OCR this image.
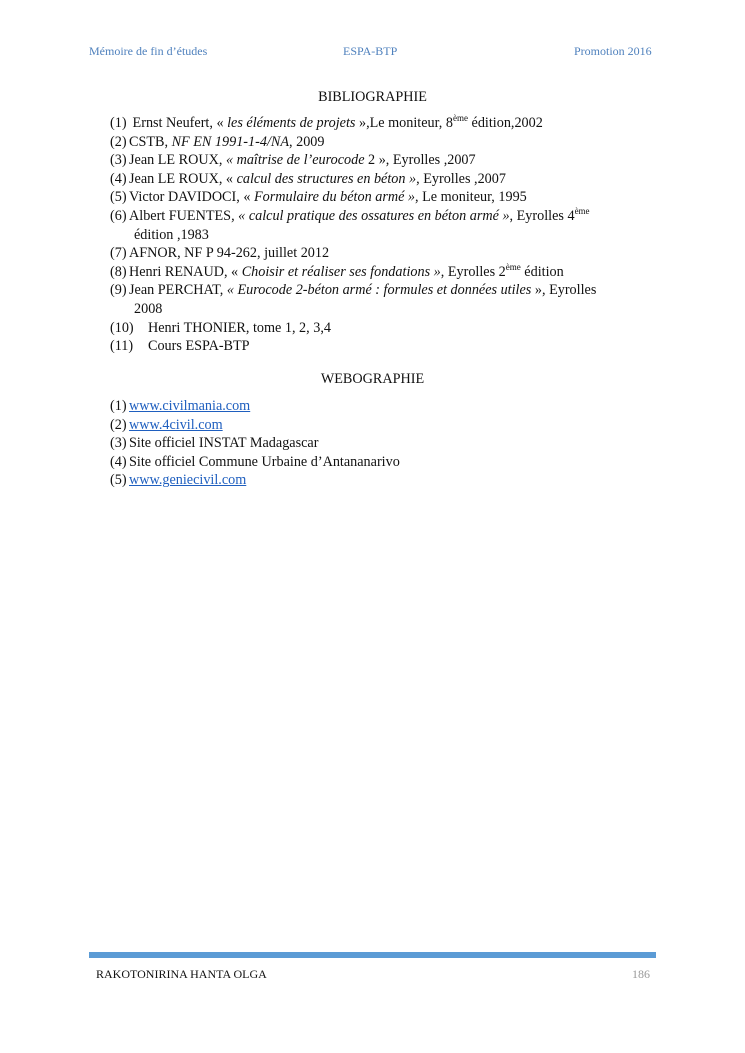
Mémoire de fin d’études	ESPA-BTP	Promotion 2016
BIBLIOGRAPHIE
(1) Ernst Neufert, « les éléments de projets »,Le moniteur, 8ème édition,2002
(2) CSTB, NF EN 1991-1-4/NA, 2009
(3) Jean LE ROUX, « maîtrise de l’eurocode 2 », Eyrolles ,2007
(4) Jean LE ROUX, « calcul des structures en béton », Eyrolles ,2007
(5) Victor DAVIDOCI, « Formulaire du béton armé », Le moniteur, 1995
(6) Albert FUENTES, « calcul pratique des ossatures en béton armé », Eyrolles 4ème
édition ,1983
(7) AFNOR, NF P 94-262, juillet 2012
(8) Henri RENAUD, « Choisir et réaliser ses fondations », Eyrolles 2ème édition
(9) Jean PERCHAT, « Eurocode 2-béton armé : formules et données utiles », Eyrolles
2008
(10) Henri THONIER, tome 1, 2, 3,4
(11) Cours ESPA-BTP
WEBOGRAPHIE
(1) www.civilmania.com
(2) www.4civil.com
(3) Site officiel INSTAT Madagascar
(4) Site officiel Commune Urbaine d’Antananarivo
(5) www.geniecivil.com
RAKOTONIRINA HANTA OLGA	186
